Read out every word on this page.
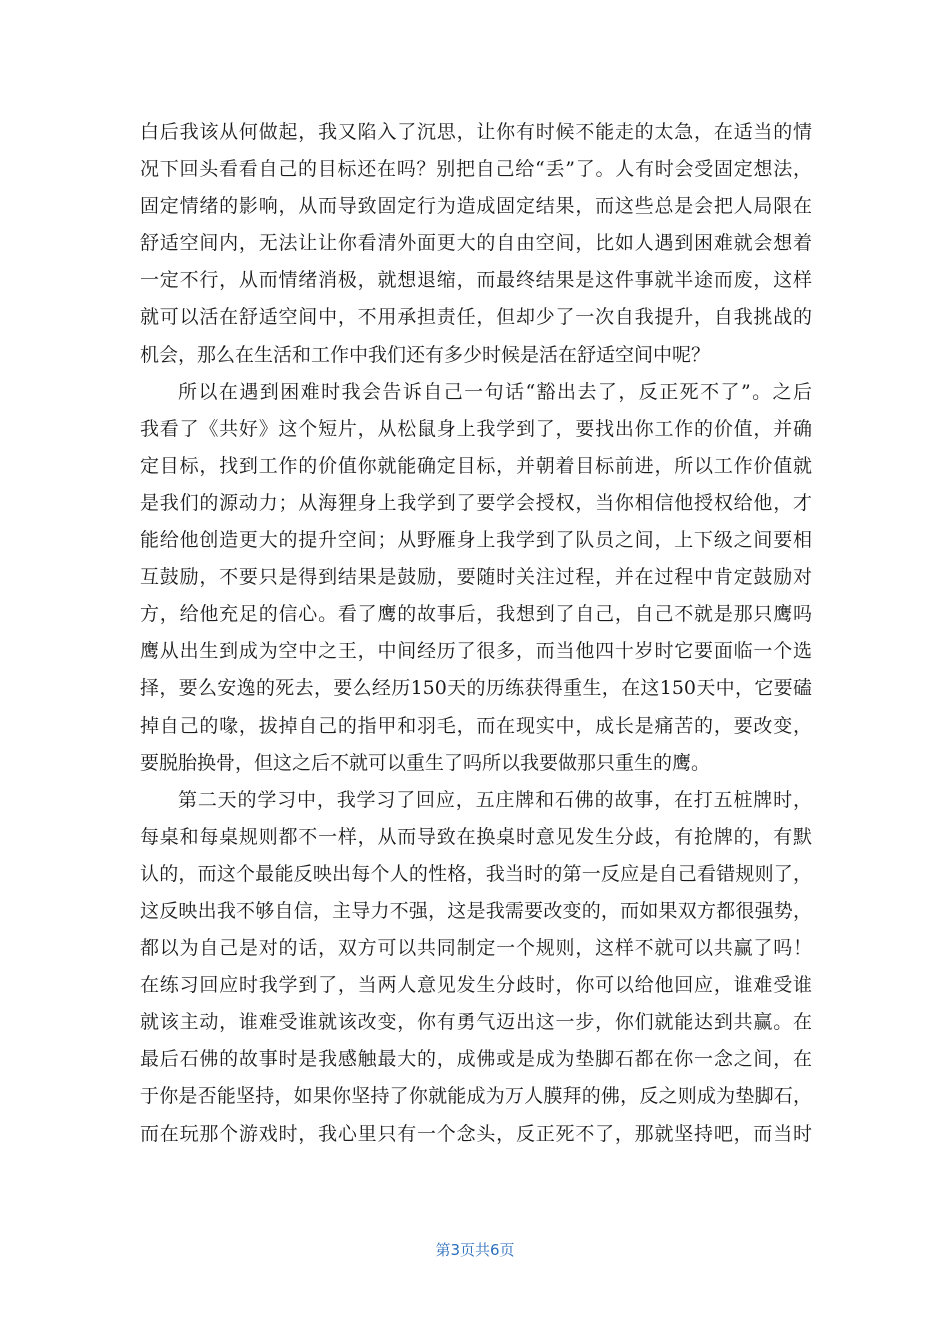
白后我该从何做起，我又陷入了沉思，让你有时候不能走的太急，在适当的情
况下回头看看自己的目标还在吗？别把自己给“丢”了。人有时会受固定想法，
固定情绪的影响，从而导致固定行为造成固定结果，而这些总是会把人局限在
舒适空间内，无法让让你看清外面更大的自由空间，比如人遇到困难就会想着
一定不行，从而情绪消极，就想退缩，而最终结果是这件事就半途而废，这样
就可以活在舒适空间中，不用承担责任，但却少了一次自我提升，自我挑战的
机会，那么在生活和工作中我们还有多少时候是活在舒适空间中呢？
所以在遇到困难时我会告诉自己一句话“豁出去了，反正死不了”。之后
我看了《共好》这个短片，从松鼠身上我学到了，要找出你工作的价值，并确
定目标，找到工作的价值你就能确定目标，并朝着目标前进，所以工作价值就
是我们的源动力；从海狸身上我学到了要学会授权，当你相信他授权给他，才
能给他创造更大的提升空间；从野雁身上我学到了队员之间，上下级之间要相
互鼓励，不要只是得到结果是鼓励，要随时关注过程，并在过程中肯定鼓励对
方，给他充足的信心。看了鹰的故事后，我想到了自己，自己不就是那只鹰吗
鹰从出生到成为空中之王，中间经历了很多，而当他四十岁时它要面临一个选
择，要么安逸的死去，要么经历150天的历练获得重生，在这150天中，它要磕
掉自己的喙，拔掉自己的指甲和羽毛，而在现实中，成长是痛苦的，要改变，
要脱胎换骨，但这之后不就可以重生了吗所以我要做那只重生的鹰。
第二天的学习中，我学习了回应，五庄牌和石佛的故事，在打五桩牌时，
每桌和每桌规则都不一样，从而导致在换桌时意见发生分歧，有抢牌的，有默
认的，而这个最能反映出每个人的性格，我当时的第一反应是自己看错规则了，
这反映出我不够自信，主导力不强，这是我需要改变的，而如果双方都很强势，
都以为自己是对的话，双方可以共同制定一个规则，这样不就可以共赢了吗！
在练习回应时我学到了，当两人意见发生分歧时，你可以给他回应，谁难受谁
就该主动，谁难受谁就该改变，你有勇气迈出这一步，你们就能达到共赢。在
最后石佛的故事时是我感触最大的，成佛或是成为垫脚石都在你一念之间，在
于你是否能坚持，如果你坚持了你就能成为万人膜拜的佛，反之则成为垫脚石，
而在玩那个游戏时，我心里只有一个念头，反正死不了，那就坚持吧，而当时
第3页共6页
